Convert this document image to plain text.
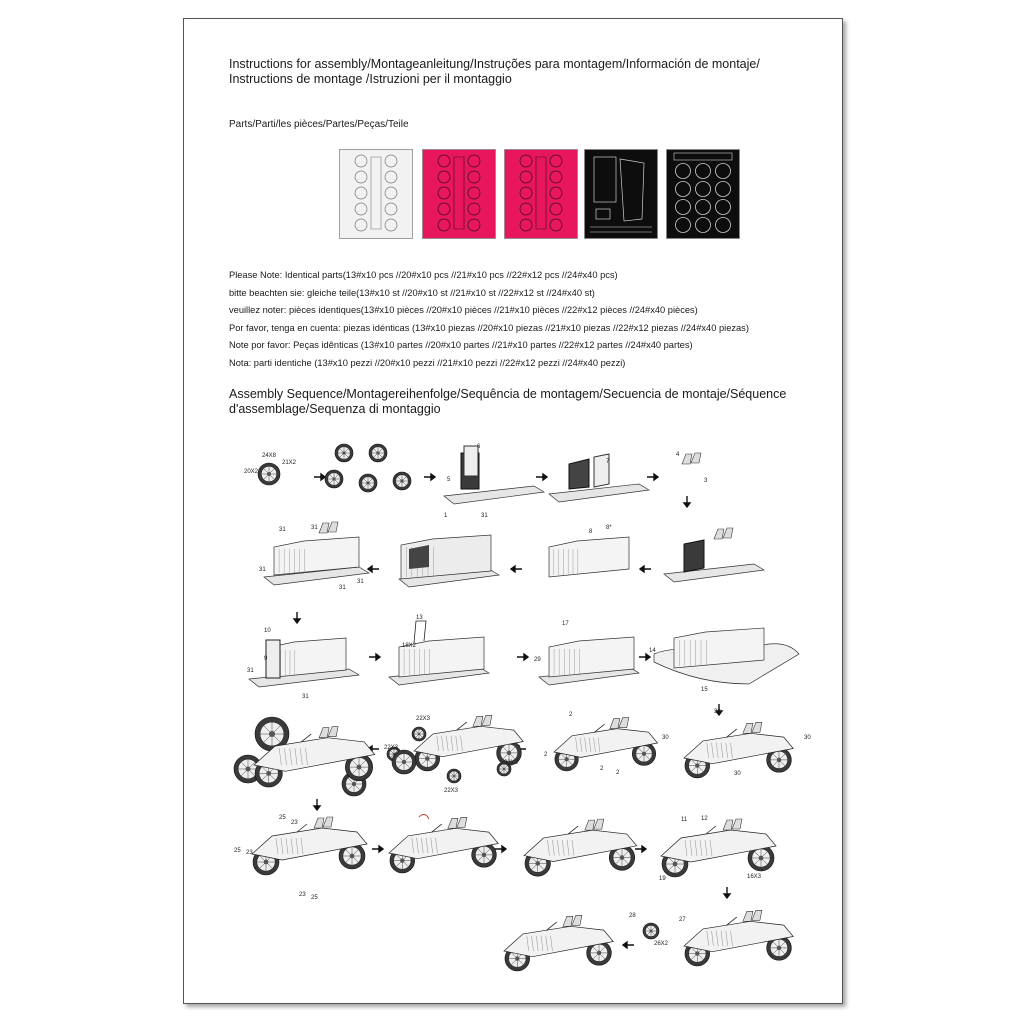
Instructions for assembly/Montageanleitung/Instruções para montagem/Información de montaje/
Instructions de montage /Istruzioni per il montaggio
Parts/Parti/les pièces/Partes/Peças/Teile
Please Note: Identical parts(13#x10 pcs //20#x10 pcs //21#x10 pcs //22#x12 pcs //24#x40 pcs)
bitte beachten sie: gleiche teile(13#x10 st //20#x10 st //21#x10 st //22#x12 st //24#x40 st)
veuillez noter: pièces identiques(13#x10 pièces //20#x10 pièces //21#x10 pièces //22#x12 pièces //24#x40 pièces)
Por favor, tenga en cuenta: piezas idénticas (13#x10 piezas //20#x10 piezas //21#x10 piezas //22#x12 piezas //24#x40 piezas)
Note por favor: Peças idênticas (13#x10 partes //20#x10 partes //21#x10 partes //22#x12 partes //24#x40 partes)
Nota: parti identiche (13#x10 pezzi //20#x10 pezzi //21#x10 pezzi //22#x12 pezzi //24#x40 pezzi)
Assembly Sequence/Montagereihenfolge/Sequência de montagem/Secuencia de montaje/Séquence
d'assemblage/Sequenza di montaggio
24X8
21X2
20X2
6
5
1	31
7
4
3
8
8*
31	31
31
31
31
10
9
31
31
13
18X2
17
29
14
15
30
30	30
30
2
2
2
2
22X3
22X3
22X3
22X3
25
23
25 23
23 25
11 12
19	16X3
28
26X2
27
